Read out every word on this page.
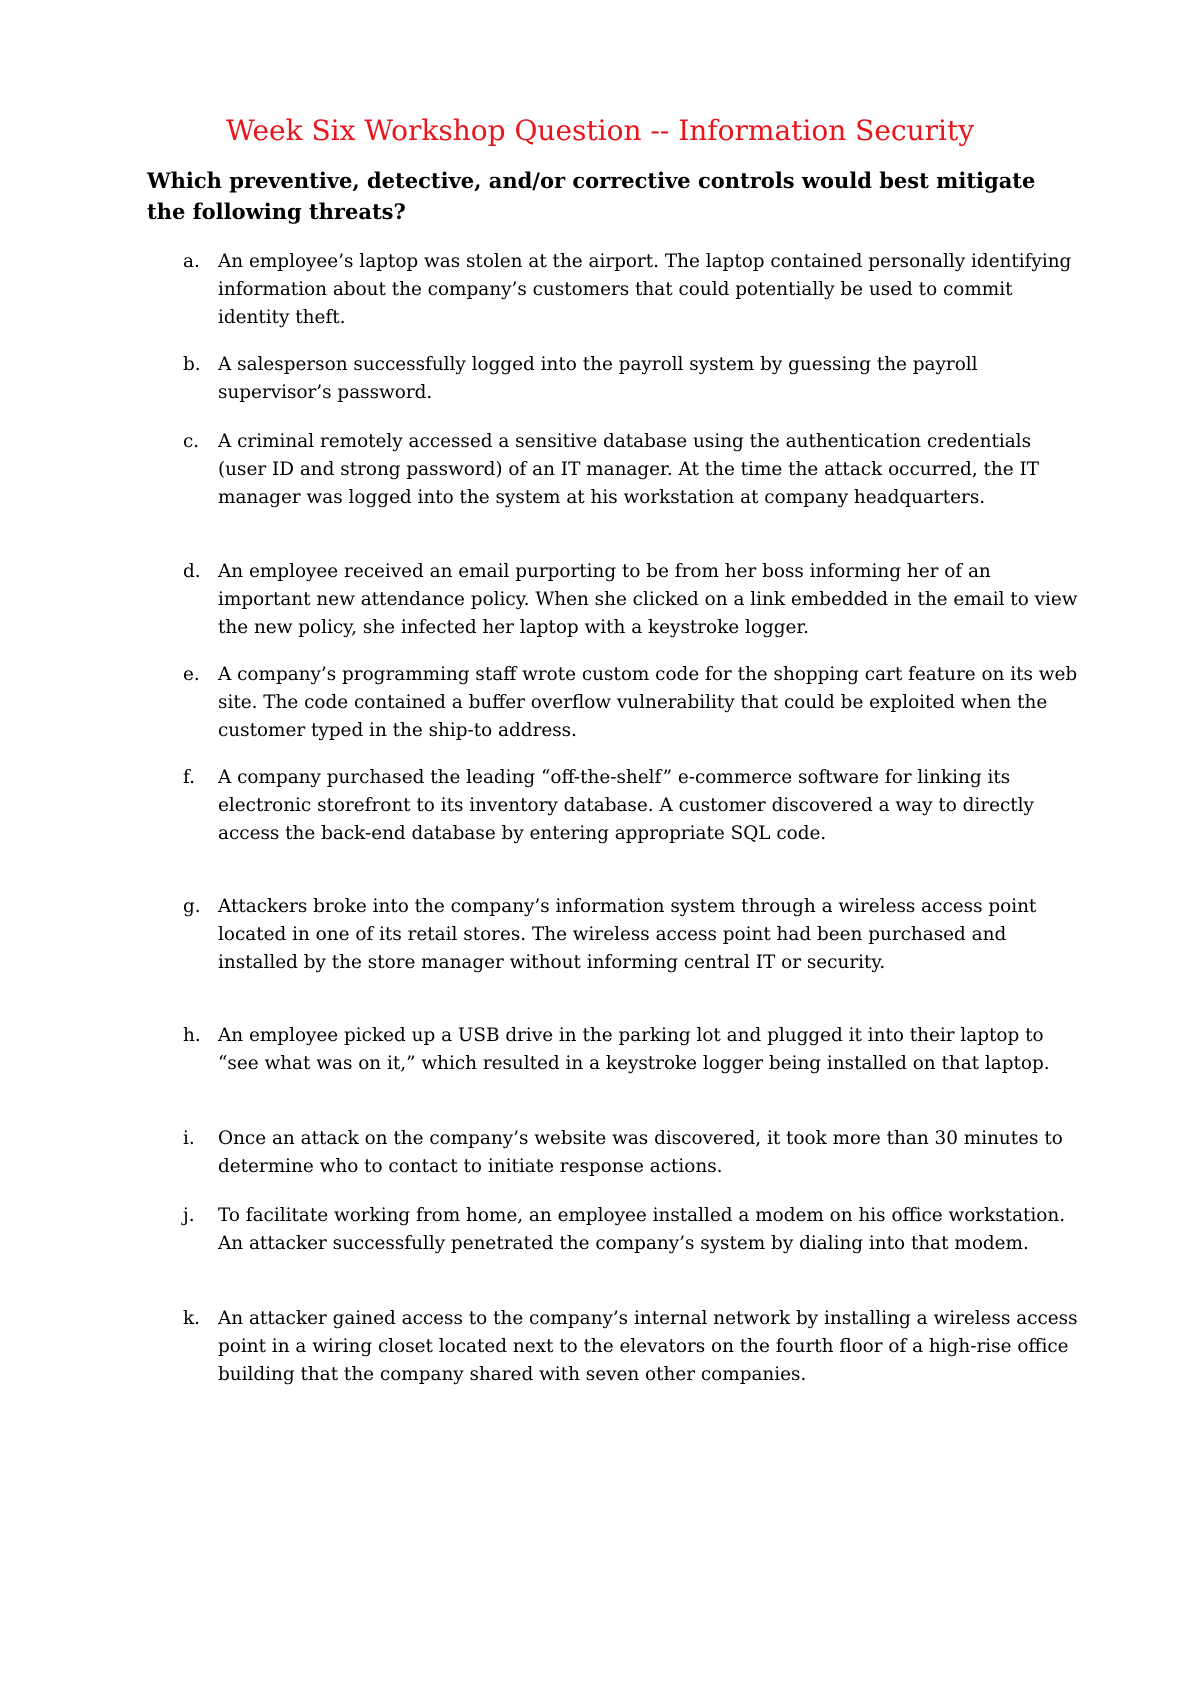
Week Six Workshop Question -- Information Security
Which preventive, detective, and/or corrective controls would best mitigate the following threats?
a. An employee’s laptop was stolen at the airport. The laptop contained personally identifying information about the company’s customers that could potentially be used to commit identity theft.
b. A salesperson successfully logged into the payroll system by guessing the payroll supervisor’s password.
c.	A criminal remotely accessed a sensitive database using the authentication credentials (user ID and strong password) of an IT manager. At the time the attack occurred, the IT manager was logged into the system at his workstation at company headquarters.
d. An employee received an email purporting to be from her boss informing her of an important new attendance policy. When she clicked on a link embedded in the email to view the new policy, she infected her laptop with a keystroke logger.
e. A company’s programming staff wrote custom code for the shopping cart feature on its web site. The code contained a buffer overflow vulnerability that could be exploited when the customer typed in the ship-to address.
f.	A company purchased the leading “off-the-shelf” e-commerce software for linking its electronic storefront to its inventory database. A customer discovered a way to directly access the back-end database by entering appropriate SQL code.
g. Attackers broke into the company’s information system through a wireless access point located in one of its retail stores. The wireless access point had been purchased and installed by the store manager without informing central IT or security.
h. An employee picked up a USB drive in the parking lot and plugged it into their laptop to “see what was on it,” which resulted in a keystroke logger being installed on that laptop.
i.	Once an attack on the company’s website was discovered, it took more than 30 minutes to determine who to contact to initiate response actions.
j.	To facilitate working from home, an employee installed a modem on his office workstation. An attacker successfully penetrated the company’s system by dialing into that modem.
k. An attacker gained access to the company’s internal network by installing a wireless access point in a wiring closet located next to the elevators on the fourth floor of a high-rise office building that the company shared with seven other companies.
